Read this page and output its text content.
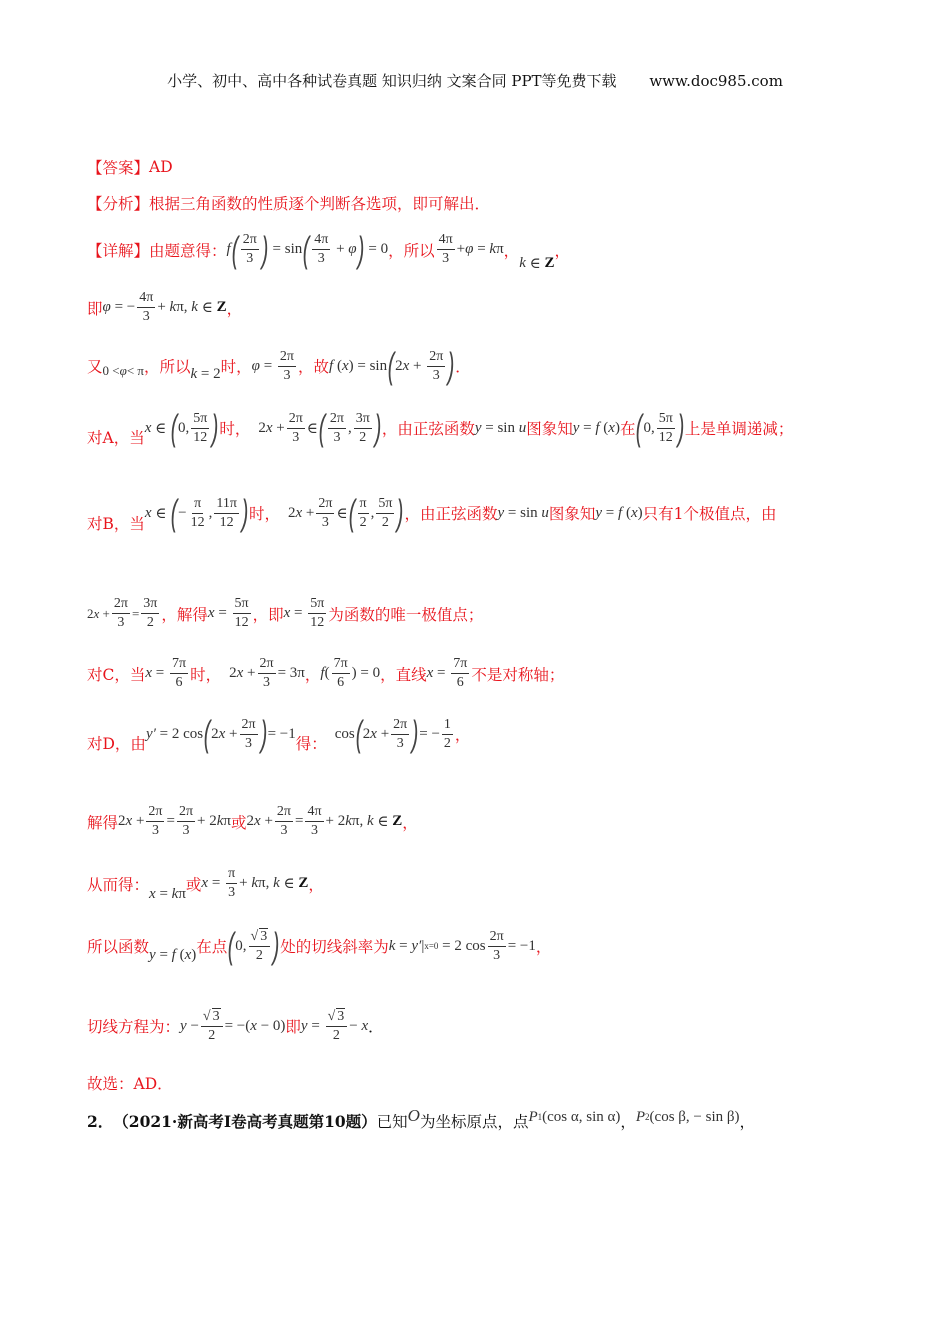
小学、初中、高中各种试卷真题 知识归纳 文案合同 PPT等免费下载 www.doc985.com
【答案】 AD
【分析】 根据三角函数的性质逐个判断各选项，即可解出．
【详解】 由题意得： f ( 2π
3 ) = sin ( 4π
3
+ φ ) = 0 ，所以
4π
3
+ φ = k π ，
k ∈ Z
，
即 φ = − $\frac{4\pi}{3} + k$ π, k ∈ Z ，
又 0 < φ < π ，所以 k = 2 时， $\varphi = \frac{2\pi}{3}$ ，故 f ( x ) = sin ( 2 $x + \frac{2\pi}{3}$ ) ．
对A，当
x ∈ ( 0,
5π
12 ) 时， 2 $x + \frac{2\pi}{3}$ ∈ ( 2π
3
,
3π
2 ) ，由正弦函数 y = sin u 图象知 y = f ( x ) 在 ( 0,
5π
12 ) 上是单调递减；
对B，当
x ∈ ( − $\frac{\pi}{12}$ ,
11π
12 ) 时， 2 $x + \frac{2\pi}{3}$ ∈ ( π
2
,
5π
2 ) ，由正弦函数 y = sin u 图象知 y = f ( x ) 只有1个极值点，由
2 $x + \frac{2\pi}{3} = \frac{3\pi}{2}$ ，解得 $x = \frac{5\pi}{12}$ ，即 $x = \frac{5\pi}{12}$ 为函数的唯一极值点；
对C，当 $x = \frac{7\pi}{6}$ 时， 2 $x + \frac{2\pi}{3} = 3\pi$ ， f (
7π
6
) = 0 ，直线 $x = \frac{7\pi}{6}$ 不是对称轴；
对D，由
y′ = 2 cos ( 2 $x + \frac{2\pi}{3}$ ) = −1
得：
cos ( 2 $x + \frac{2\pi}{3}$ ) = − $\frac{1}{2}$ ，
解得 2 $x + \frac{2\pi}{3} = \frac{2\pi}{3} + 2$ k π 或 2 $x + \frac{2\pi}{3} = \frac{4\pi}{3} + 2$ k π, k ∈ Z ，
从而得：
x = k π
或 $x = \frac{\pi}{3} + k$ π, k ∈ Z ，
所以函数 y = f ( x ) 在点 ( 0,
√ 3
2 ) 处的切线斜率为 k = y′ | x=0 = 2 $\cos \frac{2\pi}{3} = -1$ ，
切线方程为： $y - \frac{√ 3}{2}$ = −( x − 0) 即 $y = \frac{√ 3}{2} - x$ ．
故选：AD．
2． （2021·新高考Ⅰ卷高考真题第10题） 已知 O 为坐标原点，点 P 1 ( cos α, sin α ) ， P 2 ( cos β, − sin β ) ，
